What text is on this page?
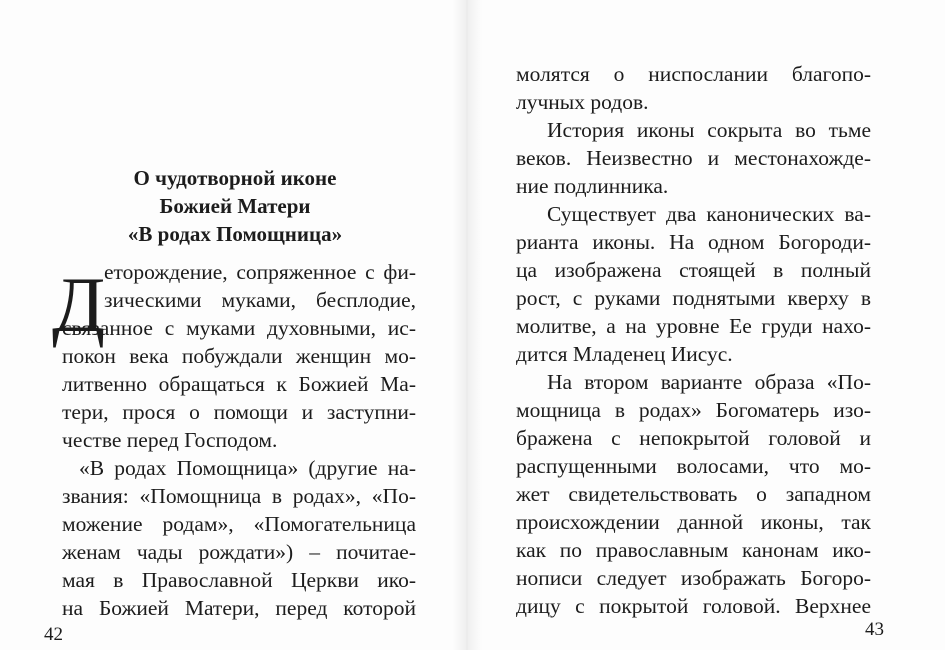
О чудотворной иконе
Божией Матери
«В родах Помощница»
Д
еторождение, сопряженное с фи-
зическими муками, бесплодие,
связанное с муками духовными, ис-
покон века побуждали женщин мо-
литвенно обращаться к Божией Ма-
тери, прося о помощи и заступни-
честве перед Господом.
«В родах Помощница» (другие на-
звания: «Помощница в родах», «По-
можение родам», «Помогательница
женам чады рождати») – почитае-
мая в Православной Церкви ико-
на Божией Матери, перед которой
42
молятся о ниспослании благопо-
лучных родов.
История иконы сокрыта во тьме
веков. Неизвестно и местонахожде-
ние подлинника.
Существует два канонических ва-
рианта иконы. На одном Богороди-
ца изображена стоящей в полный
рост, с руками поднятыми кверху в
молитве, а на уровне Ее груди нахо-
дится Младенец Иисус.
На втором варианте образа «По-
мощница в родах» Богоматерь изо-
бражена с непокрытой головой и
распущенными волосами, что мо-
жет свидетельствовать о западном
происхождении данной иконы, так
как по православным канонам ико-
нописи следует изображать Богоро-
дицу с покрытой головой. Верхнее
43
